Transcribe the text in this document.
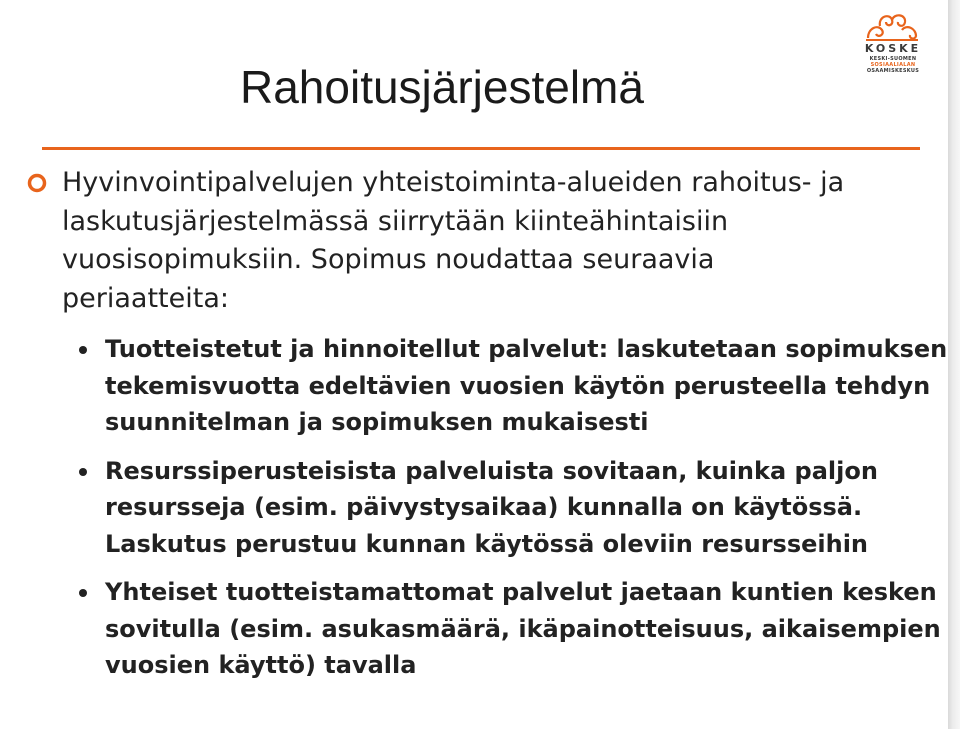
KOSKE
KESKI-SUOMEN
SOSIAALIALAN
OSAAMISKESKUS
Rahoitusjärjestelmä

Hyvinvointipalvelujen yhteistoiminta-alueiden rahoitus- ja laskutusjärjestelmässä siirrytään kiinteähintaisiin vuosisopimuksiin. Sopimus noudattaa seuraavia periaatteita:

Tuotteistetut ja hinnoitellut palvelut: laskutetaan sopimuksen tekemisvuotta edeltävien vuosien käytön perusteella tehdyn suunnitelman ja sopimuksen mukaisesti
Resurssiperusteisista palveluista sovitaan, kuinka paljon resursseja (esim. päivystysaikaa) kunnalla on käytössä. Laskutus perustuu kunnan käytössä oleviin resursseihin
Yhteiset tuotteistamattomat palvelut jaetaan kuntien kesken sovitulla (esim. asukasmäärä, ikäpainotteisuus, aikaisempien vuosien käyttö) tavalla
